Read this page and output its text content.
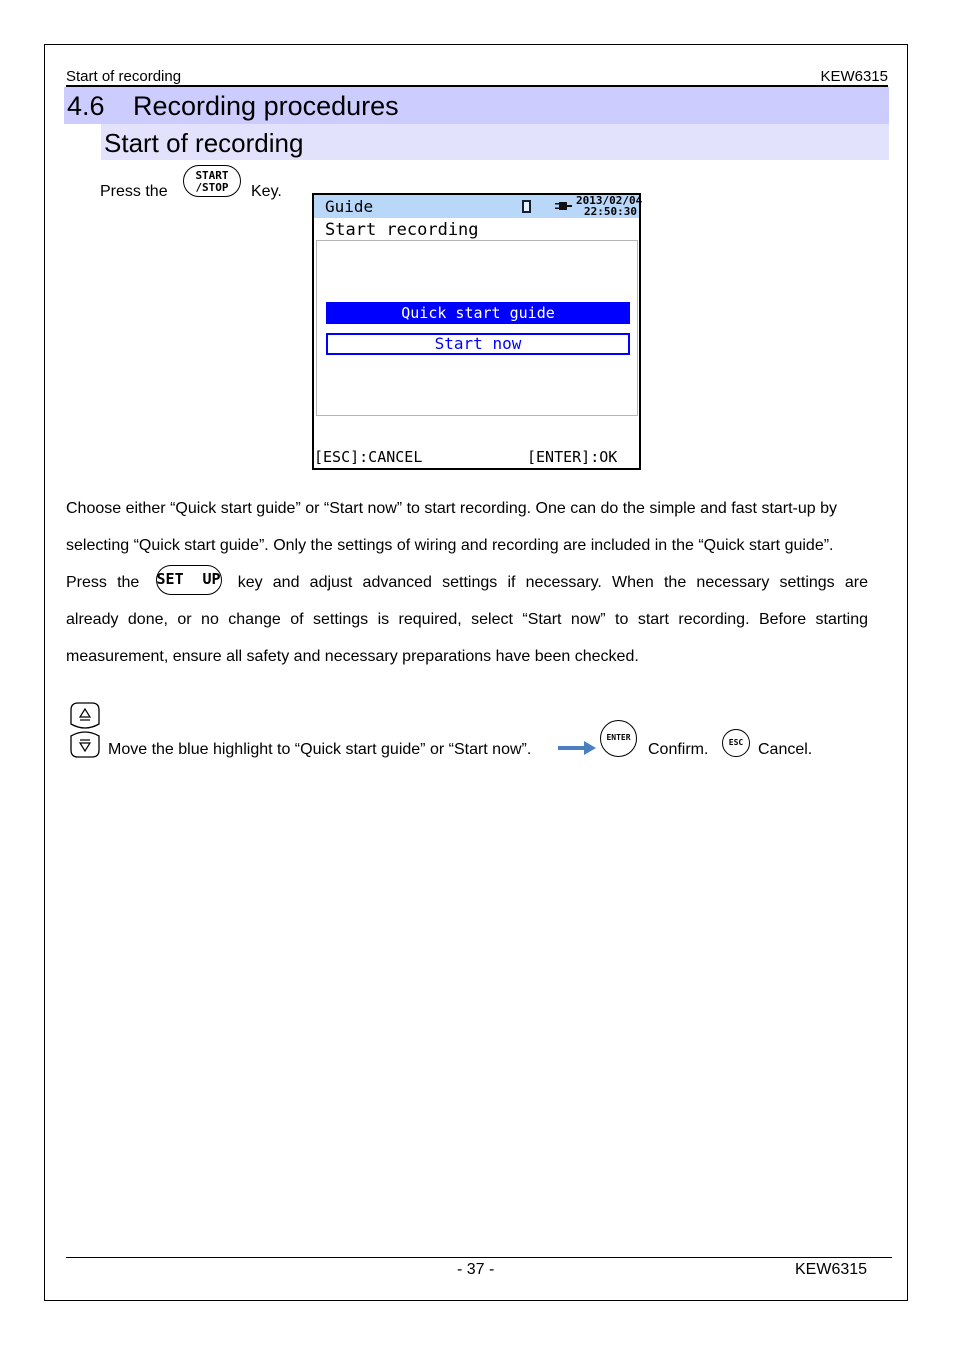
Start of recording	KEW6315
4.6 Recording procedures
Start of recording
Press the
START
/STOP	Key.
Guide	2013/02/04
22:50:30
Start recording
Quick start guide
Start now
[ESC]:CANCEL	[ENTER]:OK
Choose either “Quick start guide” or “Start now” to start recording. One can do the simple and fast start-up by
selecting “Quick start guide”. Only the settings of wiring and recording are included in the “Quick start guide”.
Press the SET UP key and adjust advanced settings if necessary. When the necessary settings are
already done, or no change of settings is required, select “Start now” to start recording. Before starting
measurement, ensure all safety and necessary preparations have been checked.
Move the blue highlight to “Quick start guide” or “Start now”.
ENTER
Confirm.	ESC Cancel.
- 37 -	KEW6315
